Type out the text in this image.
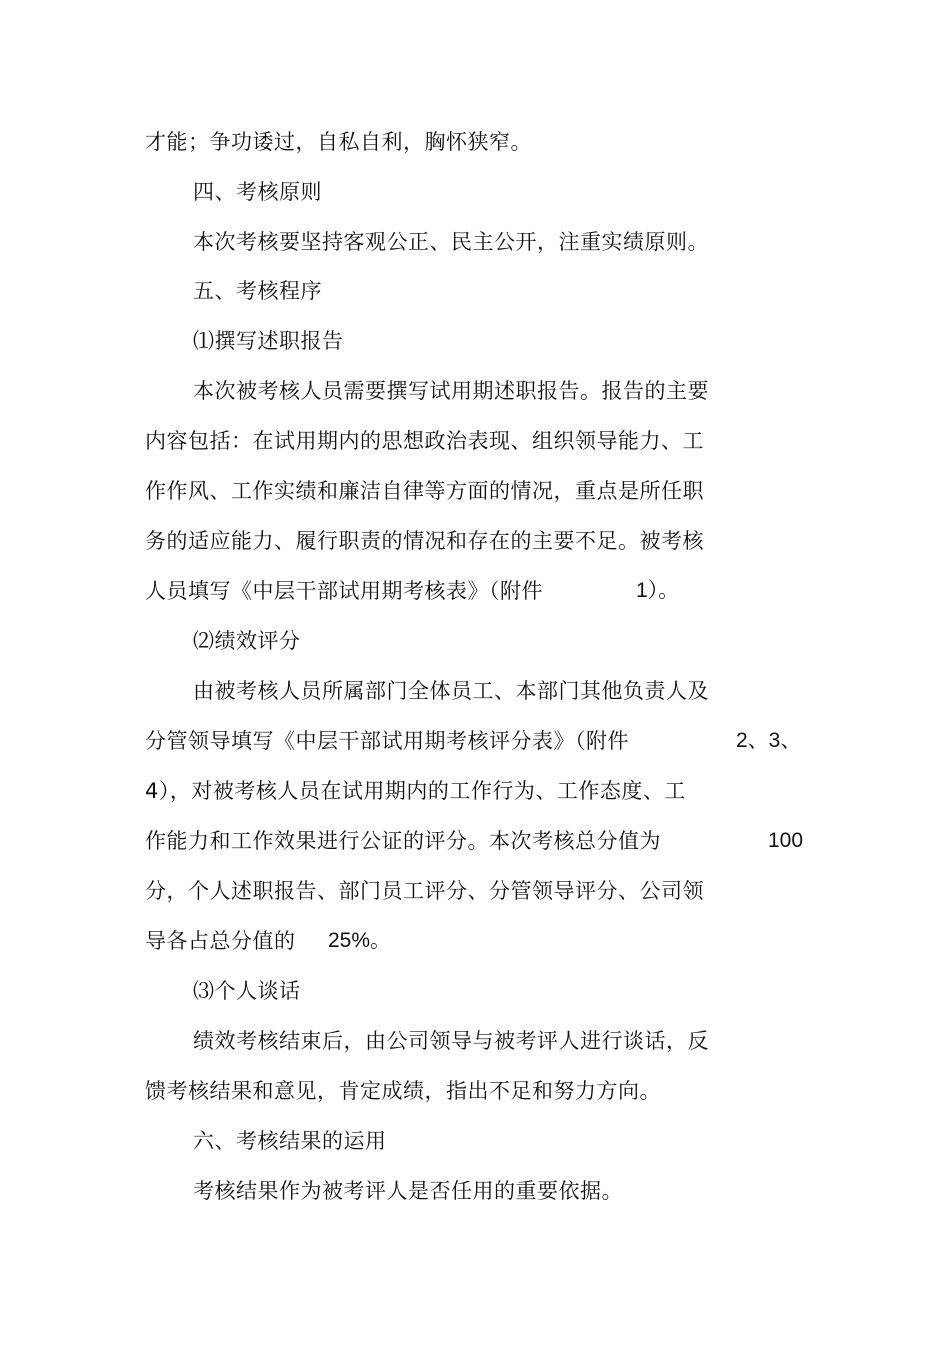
才能；争功诿过，自私自利，胸怀狭窄。
四、考核原则
本次考核要坚持客观公正、民主公开，注重实绩原则。
五、考核程序
⑴撰写述职报告
本次被考核人员需要撰写试用期述职报告。报告的主要
内容包括：在试用期内的思想政治表现、组织领导能力、工
作作风、工作实绩和廉洁自律等方面的情况，重点是所任职
务的适应能力、履行职责的情况和存在的主要不足。被考核
人员填写《中层干部试用期考核表》（附件	1）。
⑵绩效评分
由被考核人员所属部门全体员工、本部门其他负责人及
分管领导填写《中层干部试用期考核评分表》（附件	2、3、
4），对被考核人员在试用期内的工作行为、工作态度、工
作能力和工作效果进行公证的评分。本次考核总分值为	100
分，个人述职报告、部门员工评分、分管领导评分、公司领
导各占总分值的 25%。
⑶个人谈话
绩效考核结束后，由公司领导与被考评人进行谈话，反
馈考核结果和意见，肯定成绩，指出不足和努力方向。
六、考核结果的运用
考核结果作为被考评人是否任用的重要依据。
